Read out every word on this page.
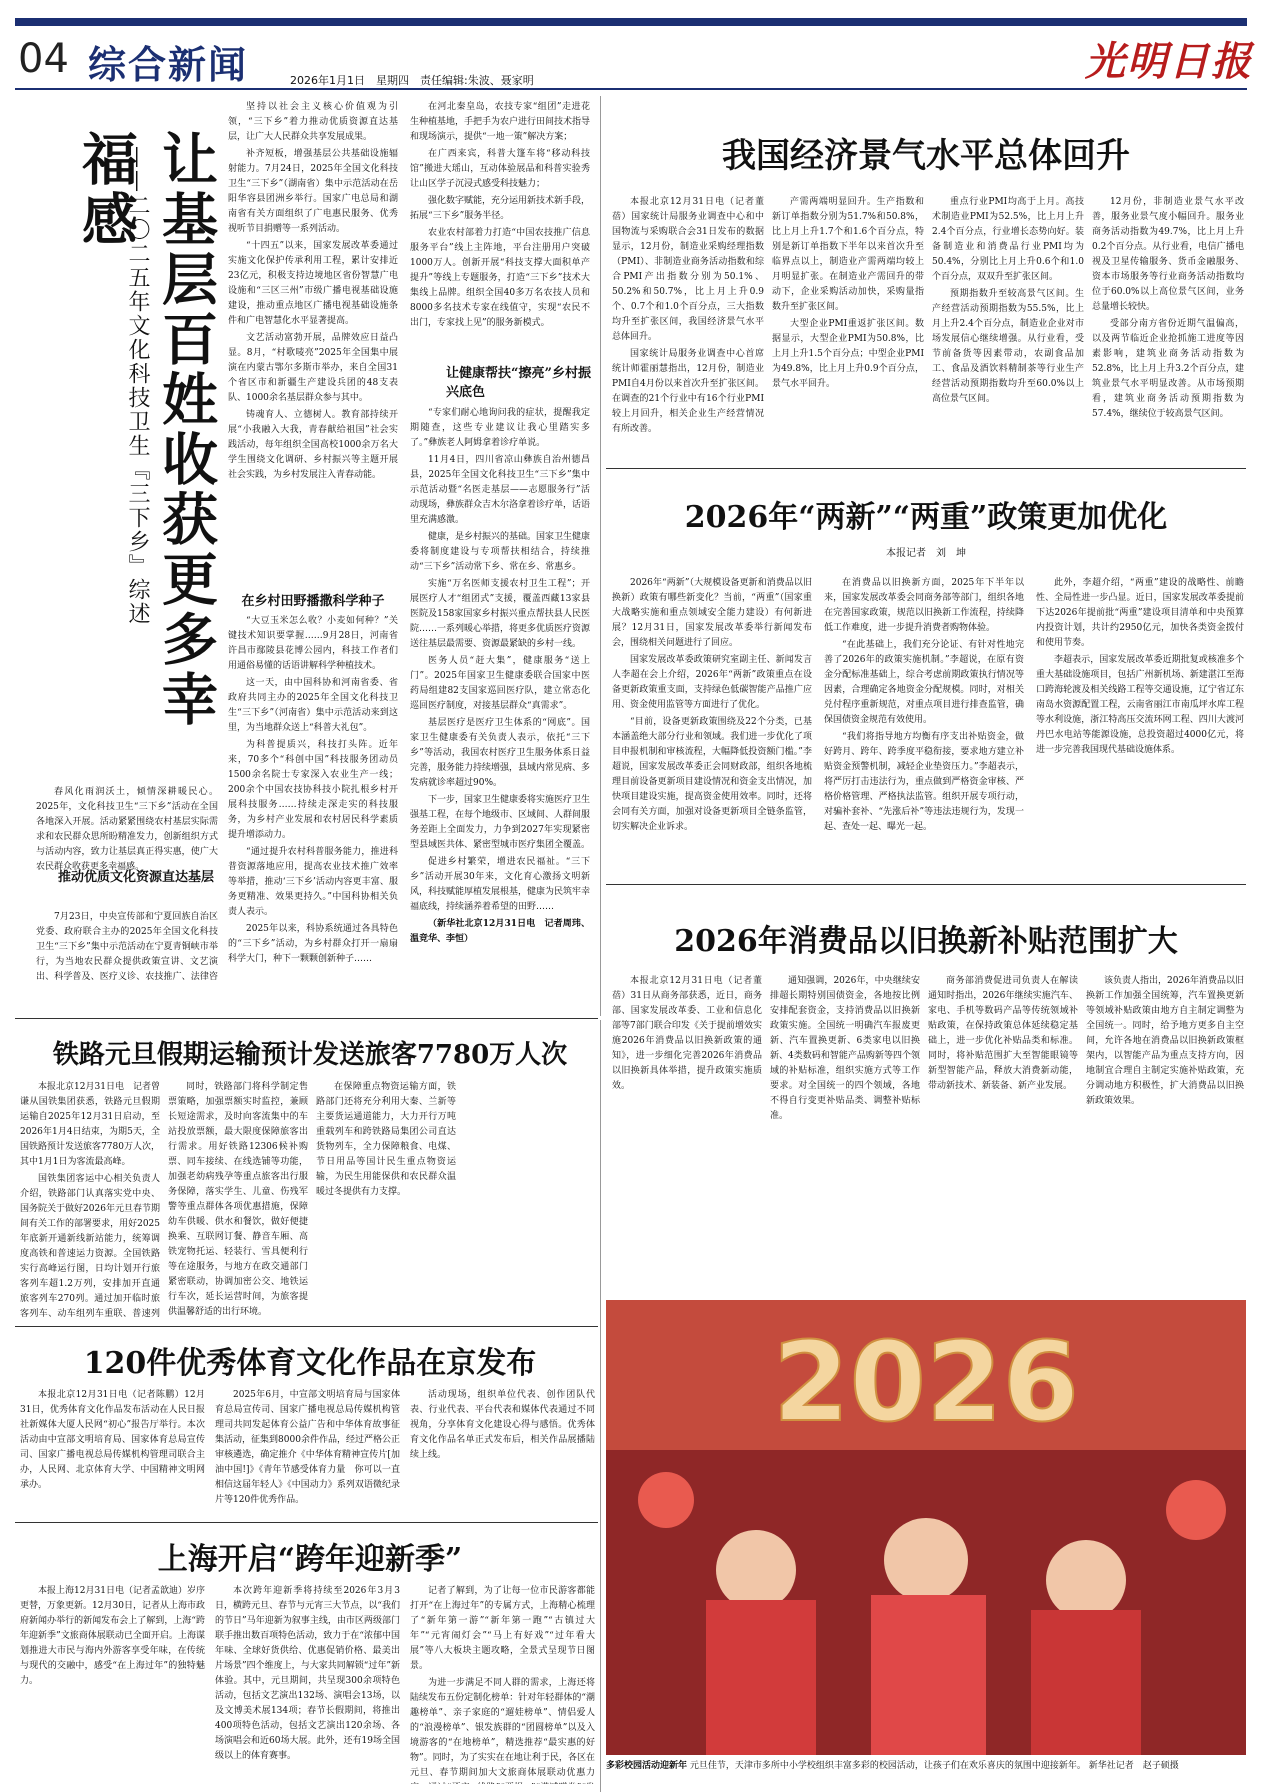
04 综合新闻	2026年1月1日　星期四　责任编辑:朱波、聂家明	光明日报
让基层百姓收获更多幸福感
——二〇二五年文化科技卫生『三下乡』综述

春风化雨润沃土，倾情深耕暖民心。2025年，文化科技卫生“三下乡”活动在全国各地深入开展。活动紧紧围绕农村基层实际需求和农民群众思所盼精准发力，创新组织方式与活动内容，致力让基层真正得实惠，使广大农民群众收获更多幸福感。

推动优质文化资源直达基层

7月23日，中央宣传部和宁夏回族自治区党委、政府联合主办的2025年全国文化科技卫生“三下乡”集中示范活动在宁夏青铜峡市举行，为当地农民群众提供政策宣讲、文艺演出、科学普及、医疗义诊、农技推广、法律咨

坚持以社会主义核心价值观为引领，“三下乡”着力推动优质资源直达基层，让广大人民群众共享发展成果。

补齐短板，增强基层公共基础设施辐射能力。7月24日，2025年全国文化科技卫生“三下乡”（湖南省）集中示范活动在岳阳华容县团洲乡举行。国家广电总局和湖南省有关方面组织了广电惠民服务、优秀视听节目捐赠等一系列活动。

“十四五”以来，国家发展改革委通过实施文化保护传承利用工程，累计安排近23亿元，积极支持边境地区省份智慧广电设施和“三区三州”市级广播电视基础设施建设，推动重点地区广播电视基础设施条件和广电智慧化水平显著提高。

文艺活动富勃开展，品牌效应日益凸显。8月，“村歌唛亮”2025年全国集中展演在内蒙古鄂尔多斯市举办，来自全国31个省区市和新疆生产建设兵团的48支表队、1000余名基层群众参与其中。

铸魂育人、立德树人。教育部持续开展“小我融入大我，青春献给祖国”社会实践活动，每年组织全国高校1000余万名大学生围绕文化调研、乡村振兴等主题开展社会实践，为乡村发展注入青春动能。

在乡村田野播撒科学种子

“大豆玉米怎么收？小麦如何种？”关键技术知识要掌握……9月28日，河南省许昌市鄢陵县花博公园内，科技工作者们用通俗易懂的话语讲解科学种植技术。

这一天，由中国科协和河南省委、省政府共同主办的2025年全国文化科技卫生“三下乡”（河南省）集中示范活动来到这里，为当地群众送上“科普大礼包”。

为科普提质兴，科技打头阵。近年来，70多个“科创中国”科技服务团动员1500余名院士专家深入农业生产一线；200余个中国农技协科技小院扎根乡村开展科技服务……持续走深走实的科技服务，为乡村产业发展和农村居民科学素质提升增添动力。

“通过提升农村科普服务能力，推进科普资源落地应用，提高农业技术推广效率等举措，推动‘三下乡’活动内容更丰富、服务更精准、效果更持久。”中国科协相关负责人表示。

2025年以来，科协系统通过各具特色的“三下乡”活动，为乡村群众打开一扇扇科学大门，种下一颗颗创新种子……

在河北秦皇岛，农技专家“组团”走进花生种植基地，手把手为农户进行田间技术指导和现场演示，提供“一地一策”解决方案；

在广西来宾，科普大篷车将“移动科技馆”搬进大瑶山，互动体验展品和科普实验秀让山区学子沉浸式感受科技魅力；

强化数字赋能，充分运用新技术新手段，拓展“三下乡”服务半径。

农业农村部着力打造“中国农技推广信息服务平台”线上主阵地，平台注册用户突破1000万人。创新开展“科技支撑大面积单产提升”等线上专题服务，打造“三下乡”技术大集线上品牌。组织全国40多万名农技人员和8000多名技术专家在线值守，实现“农民不出门，专家找上见”的服务新模式。

让健康帮扶“擦亮”乡村振兴底色

“专家们耐心地询问我的症状，提醒我定期随查，这些专业建议让我心里踏实多了。”彝族老人阿姆拿着诊疗单说。

11月4日，四川省凉山彝族自治州德昌县，2025年全国文化科技卫生“三下乡”集中示范活动暨“名医走基层——志愿服务行”活动现场，彝族群众吉木尔洛拿着诊疗单，话语里充满感激。

健康，是乡村振兴的基础。国家卫生健康委将制度建设与专项帮扶相结合，持续推动“三下乡”活动常下乡、常在乡、常惠乡。

实施“万名医师支援农村卫生工程”；开展医疗人才“组团式”支援，覆盖西藏13家县医院及158家国家乡村振兴重点帮扶县人民医院……一系列暖心举措，将更多优质医疗资源送往基层最需要、资源最紧缺的乡村一线。

医务人员“赶大集”，健康服务“送上门”。2025年国家卫生健康委联合国家中医药局组建82支国家巡回医疗队，建立常态化巡回医疗制度，对接基层群众“真需求”。

基层医疗是医疗卫生体系的“网底”。国家卫生健康委有关负责人表示，依托“三下乡”等活动，我国农村医疗卫生服务体系日益完善，服务能力持续增强，县域内常见病、多发病就诊率超过90%。

下一步，国家卫生健康委将实施医疗卫生强基工程，在每个地级市、区域间、人群间服务差距上全面发力，力争到2027年实现紧密型县域医共体、紧密型城市医疗集团全覆盖。

促进乡村繁荣，增进农民福祉。“三下乡”活动开展30年来，文化育心激扬文明新风，科技赋能厚植发展根基，健康为民筑牢幸福底线，持续涵养着希望的田野……

（新华社北京12月31日电　记者周玮、温竞华、李恒）

我国经济景气水平总体回升

本报北京12月31日电（记者董蓓）国家统计局服务业调查中心和中国物流与采购联合会31日发布的数据显示，12月份，制造业采购经理指数（PMI）、非制造业商务活动指数和综合PMI产出指数分别为50.1%、50.2%和50.7%，比上月上升0.9个、0.7个和1.0个百分点，三大指数均升至扩张区间，我国经济景气水平总体回升。

国家统计局服务业调查中心首席统计师霍丽慧指出，12月份，制造业PMI自4月份以来首次升至扩张区间。在调查的21个行业中有16个行业PMI较上月回升，相关企业生产经营情况有所改善。

产需两端明显回升。生产指数和新订单指数分别为51.7%和50.8%，比上月上升1.7个和1.6个百分点，特别是新订单指数下半年以来首次升至临界点以上，制造业产需两端均较上月明显扩张。在制造业产需回升的带动下，企业采购活动加快，采购量指数升至扩张区间。

大型企业PMI重返扩张区间。数据显示，大型企业PMI为50.8%，比上月上升1.5个百分点；中型企业PMI为49.8%，比上月上升0.9个百分点，景气水平回升。

重点行业PMI均高于上月。高技术制造业PMI为52.5%，比上月上升2.4个百分点，行业增长态势向好。装备制造业和消费品行业PMI均为50.4%，分别比上月上升0.6个和1.0个百分点，双双升至扩张区间。

预期指数升至较高景气区间。生产经营活动预期指数为55.5%，比上月上升2.4个百分点，制造业企业对市场发展信心继续增强。从行业看，受节前备货等因素带动，农副食品加工、食品及酒饮料精制茶等行业生产经营活动预期指数均升至60.0%以上高位景气区间。

12月份，非制造业景气水平改善，服务业景气度小幅回升。服务业商务活动指数为49.7%，比上月上升0.2个百分点。从行业看，电信广播电视及卫星传输服务、货币金融服务、资本市场服务等行业商务活动指数均位于60.0%以上高位景气区间，业务总量增长较快。

受部分南方省份近期气温偏高，以及两节临近企业抢抓施工进度等因素影响，建筑业商务活动指数为52.8%，比上月上升3.2个百分点，建筑业景气水平明显改善。从市场预期看，建筑业商务活动预期指数为57.4%，继续位于较高景气区间。

2026年“两新”“两重”政策更加优化
本报记者　刘　坤

2026年“两新”（大规模设备更新和消费品以旧换新）政策有哪些新变化？当前，“两重”（国家重大战略实施和重点领域安全能力建设）有何新进展？12月31日，国家发展改革委举行新闻发布会，围绕相关问题进行了回应。

国家发展改革委政策研究室副主任、新闻发言人李超在会上介绍，2026年“两新”政策重点在设备更新政策重支面，支持绿色低碳智能产品推广应用、资金使用监管等方面进行了优化。

“目前，设备更新政策围绕及22个分类，已基本涵盖绝大部分行业和领域。我们进一步优化了项目申报机制和审核流程，大幅降低投资额门槛。”李超说，国家发展改革委正会同财政部，组织各地梳理目前设备更新项目建设情况和资金支出情况，加快项目建设实施，提高资金使用效率。同时，还将会同有关方面，加强对设备更新项目全链条监管，切实解决企业诉求。

在消费品以旧换新方面，2025年下半年以来，国家发展改革委会同商务部等部门，组织各地在完善国家政策，规范以旧换新工作流程，持续降低工作难度，进一步提升消费者购物体验。

“在此基础上，我们充分论证、有针对性地完善了2026年的政策实施机制。”李超说，在原有资金分配标准基础上，综合考虑前期政策执行情况等因素，合理确定各地资金分配规模。同时，对相关兑付程序重新规范，对重点项目进行排查监管，确保国债资金规范有效使用。

“我们将指导地方均衡有序支出补贴资金，做好跨月、跨年、跨季度平稳衔接，要求地方建立补贴资金预警机制，减轻企业垫资压力。”李超表示，将严厉打击违法行为，重点做到严格资金审核、严格价格管理、严格执法监管。组织开展专项行动，对骗补套补、“先涨后补”等违法违规行为，发现一起、查处一起、曝光一起。

此外，李超介绍，“两重”建设的战略性、前瞻性、全局性进一步凸显。近日，国家发展改革委提前下达2026年提前批“两重”建设项目清单和中央预算内投资计划，共计约2950亿元，加快各类资金拨付和使用节奏。

李超表示，国家发展改革委近期批复或核准多个重大基础设施项目，包括广州新机场、新建湛江至海口跨海轮渡及相关线路工程等交通设施，辽宁省辽东南岛水资源配置工程，云南省丽江市南瓜坪水库工程等水利设施，浙江特高压交流环网工程、四川大渡河丹巴水电站等能源设施，总投资超过4000亿元，将进一步完善我国现代基础设施体系。

2026年消费品以旧换新补贴范围扩大

本报北京12月31日电（记者董蓓）31日从商务部获悉，近日，商务部、国家发展改革委、工业和信息化部等7部门联合印发《关于提前增效实施2026年消费品以旧换新政策的通知》，进一步细化完善2026年消费品以旧换新具体举措，提升政策实施质效。

通知强调，2026年，中央继续安排超长期特别国债资金，各地按比例安排配套资金，支持消费品以旧换新政策实施。全国统一明确汽车报废更新、汽车置换更新、6类家电以旧换新、4类数码和智能产品购新等四个领域的补贴标准，组织实施方式等工作要求。对全国统一的四个领域，各地不得自行变更补贴品类、调整补贴标准。

商务部消费促进司负责人在解读通知时指出，2026年继续实施汽车、家电、手机等数码产品等传统领域补贴政策，在保持政策总体延续稳定基础上，进一步优化补贴品类和标准。同时，将补贴范围扩大至智能眼镜等新型智能产品，释放大消费新动能，带动新技术、新装备、新产业发展。

该负责人指出，2026年消费品以旧换新工作加强全国统筹，汽车置换更新等领域补贴政策由地方自主制定调整为全国统一。同时，给予地方更多自主空间，允许各地在消费品以旧换新政策框架内，以智能产品为重点支持方向，因地制宜合理自主制定实施补贴政策，充分调动地方积极性，扩大消费品以旧换新政策效果。

铁路元旦假期运输预计发送旅客7780万人次

本报北京12月31日电　记者曾谦从国铁集团获悉，铁路元旦假期运输自2025年12月31日启动，至2026年1月4日结束，为期5天，全国铁路预计发送旅客7780万人次，其中1月1日为客流最高峰。

国铁集团客运中心相关负责人介绍，铁路部门认真落实党中央、国务院关于做好2026年元旦春节期间有关工作的部署要求，用好2025年底新开通新线新站能力，统筹调度高铁和普速运力资源。全国铁路实行高峰运行图，日均计划开行旅客列车超1.2万列，安排加开直通旅客列车270列。通过加开临时旅客列车、动车组列车重联、普速列

同时，铁路部门将科学制定售票策略，加强票额实时监控，兼顾长短途需求，及时向客流集中的车站投放票额，最大限度保障旅客出行需求。用好铁路12306候补购票、同车接续、在线选铺等功能，加强老幼病残孕等重点旅客出行服务保障，落实学生、儿童、伤残军警等重点群体各项优惠措施，保障幼车供暖、供水和餐饮，做好便捷换乘、互联网订餐、静音车厢、高铁宠物托运、轻装行、雪具便利行等在途服务，与地方在政交通部门紧密联动，协调加密公交、地铁运行车次，延长运营时间，为旅客提供温馨舒适的出行环境。

在保障重点物资运输方面，铁路部门还将充分利用大秦、兰新等主要货运通道能力，大力开行万吨重载列车和跨铁路局集团公司直达货物列车，全力保障粮食、电煤、节日用品等国计民生重点物资运输，为民生用能保供和农民群众温暖过冬提供有力支撑。

120件优秀体育文化作品在京发布

本报北京12月31日电（记者陈鹏）12月31日，优秀体育文化作品发布活动在人民日报社新媒体大厦人民网“初心”报告厅举行。本次活动由中宣部文明培育局、国家体育总局宣传司、国家广播电视总局传媒机构管理司联合主办，人民网、北京体育大学、中国精神文明网承办。

2025年6月，中宣部文明培育局与国家体育总局宣传司、国家广播电视总局传媒机构管理司共同发起体育公益广告和中华体育故事征集活动，征集到8000余件作品，经过严格公正审核遴选，确定推介《中华体育精神宣传片[加油中国!]》《青年节感受体育力量　你可以一直相信这届年轻人》《中国动力》系列双语微纪录片等120件优秀作品。

活动现场，组织单位代表、创作团队代表、行业代表、平台代表和媒体代表通过不同视角，分享体育文化建设心得与感悟。优秀体育文化作品名单正式发布后，相关作品展播陆续上线。

上海开启“跨年迎新季”

本报上海12月31日电（记者孟歆迪）岁序更替，万象更新。12月30日，记者从上海市政府新闻办举行的新闻发布会上了解到，上海“跨年迎新季”文旅商体展联动已全面开启。上海谋划推进大市民与海内外游客享受年味，在传统与现代的交融中，感受“在上海过年”的独特魅力。

本次跨年迎新季将持续至2026年3月3日，横跨元旦、春节与元宵三大节点，以“我们的节日”马年迎新为叙事主线，由市区两级部门联手推出数百项特色活动，致力于在“浓郁中国年味、全球好货供给、优惠促销价格、最美出片场景”四个维度上，与大家共同解锁“过年”新体验。其中，元旦期间，共呈现300余项特色活动，包括文艺演出132场、演唱会13场，以及文博美术展134项；春节长假期间，将推出400项特色活动，包括文艺演出120余场、各场演唱会和近60场大展。此外，还有19场全国级以上的体育赛事。

记者了解到，为了让每一位市民游客都能打开“在上海过年”的专属方式，上海精心梳理了“新年第一游”“新年第一跑”“古镇过大年”“元宵闹灯会”“马上有好戏”“过年看大展”等八大板块主题攻略，全景式呈现节日图景。

为进一步满足不同人群的需求，上海还将陆续发布五份定制化榜单：针对年轻群体的“潮趣榜单”、亲子家庭的“遛娃榜单”、情侣爱人的“浪漫榜单”、银发族群的“团圆榜单”以及入境游客的“在地榜单”，精选推荐“最实惠的好物”。同时，为了实实在在地让利于民，各区在元旦、春节期间加大文旅商体展联动优惠力

2026
多彩校园活动迎新年 元旦佳节，天津市多所中小学校组织丰富多彩的校园活动，让孩子们在欢乐喜庆的氛围中迎接新年。 新华社记者　赵子硕摄
